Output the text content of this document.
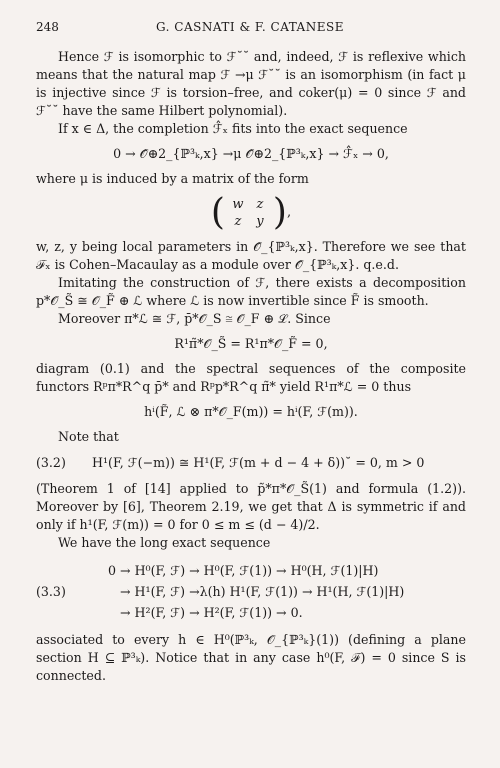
248	G. CASNATI & F. CATANESE

Hence ℱ is isomorphic to ℱ˘˘ and, indeed, ℱ is reflexive which means that the natural map ℱ →μ ℱ˘˘ is an isomorphism (in fact μ is injective since ℱ is torsion–free, and coker(μ) = 0 since ℱ and ℱ˘˘ have the same Hilbert polynomial).

If x ∈ Δ, the completion ℱ̂ₓ fits into the exact sequence

0 → 𝒪̂⊕2_{ℙ³ₖ,x} →μ 𝒪̂⊕2_{ℙ³ₖ,x} → ℱ̂ₓ → 0,

where μ is induced by a matrix of the form

( w	z
z	y ) ,

w, z, y being local parameters in 𝒪̂_{ℙ³ₖ,x}. Therefore we see that ℱₓ is Cohen–Macaulay as a module over 𝒪̂_{ℙ³ₖ,x}. q.e.d.

Imitating the construction of ℱ, there exists a decomposition p*𝒪_S̃ ≅ 𝒪_F̃ ⊕ ℒ where ℒ is now invertible since F̃ is smooth.

Moreover π*ℒ ≅ ℱ, p̄*𝒪_S ≅ 𝒪_F ⊕ ℒ. Since

R¹π̃*𝒪_S̃ = R¹π*𝒪_F̃ = 0,

diagram (0.1) and the spectral sequences of the composite functors Rᵖπ*R^q p̄* and Rᵖp*R^q π̃* yield R¹π*ℒ = 0 thus

hⁱ(F̃, ℒ ⊗ π*𝒪_F(m)) = hⁱ(F, ℱ(m)).

Note that

(3.2)	H¹(F, ℱ(−m)) ≅ H¹(F, ℱ(m + d − 4 + δ))˘ = 0, m > 0

(Theorem 1 of [14] applied to p̃*π*𝒪_S̃(1) and formula (1.2)). Moreover by [6], Theorem 2.19, we get that Δ is symmetric if and only if h¹(F, ℱ(m)) = 0 for 0 ≤ m ≤ (d − 4)/2.

We have the long exact sequence

(3.3)
0 → H⁰(F, ℱ) → H⁰(F, ℱ(1)) → H⁰(H, ℱ(1)|H)
→ H¹(F, ℱ) →λ(h) H¹(F, ℱ(1)) → H¹(H, ℱ(1)|H)
→ H²(F, ℱ) → H²(F, ℱ(1)) → 0.

associated to every h ∈ H⁰(ℙ³ₖ, 𝒪_{ℙ³ₖ}(1)) (defining a plane section H ⊆ ℙ³ₖ). Notice that in any case h⁰(F, ℱ) = 0 since S is connected.
